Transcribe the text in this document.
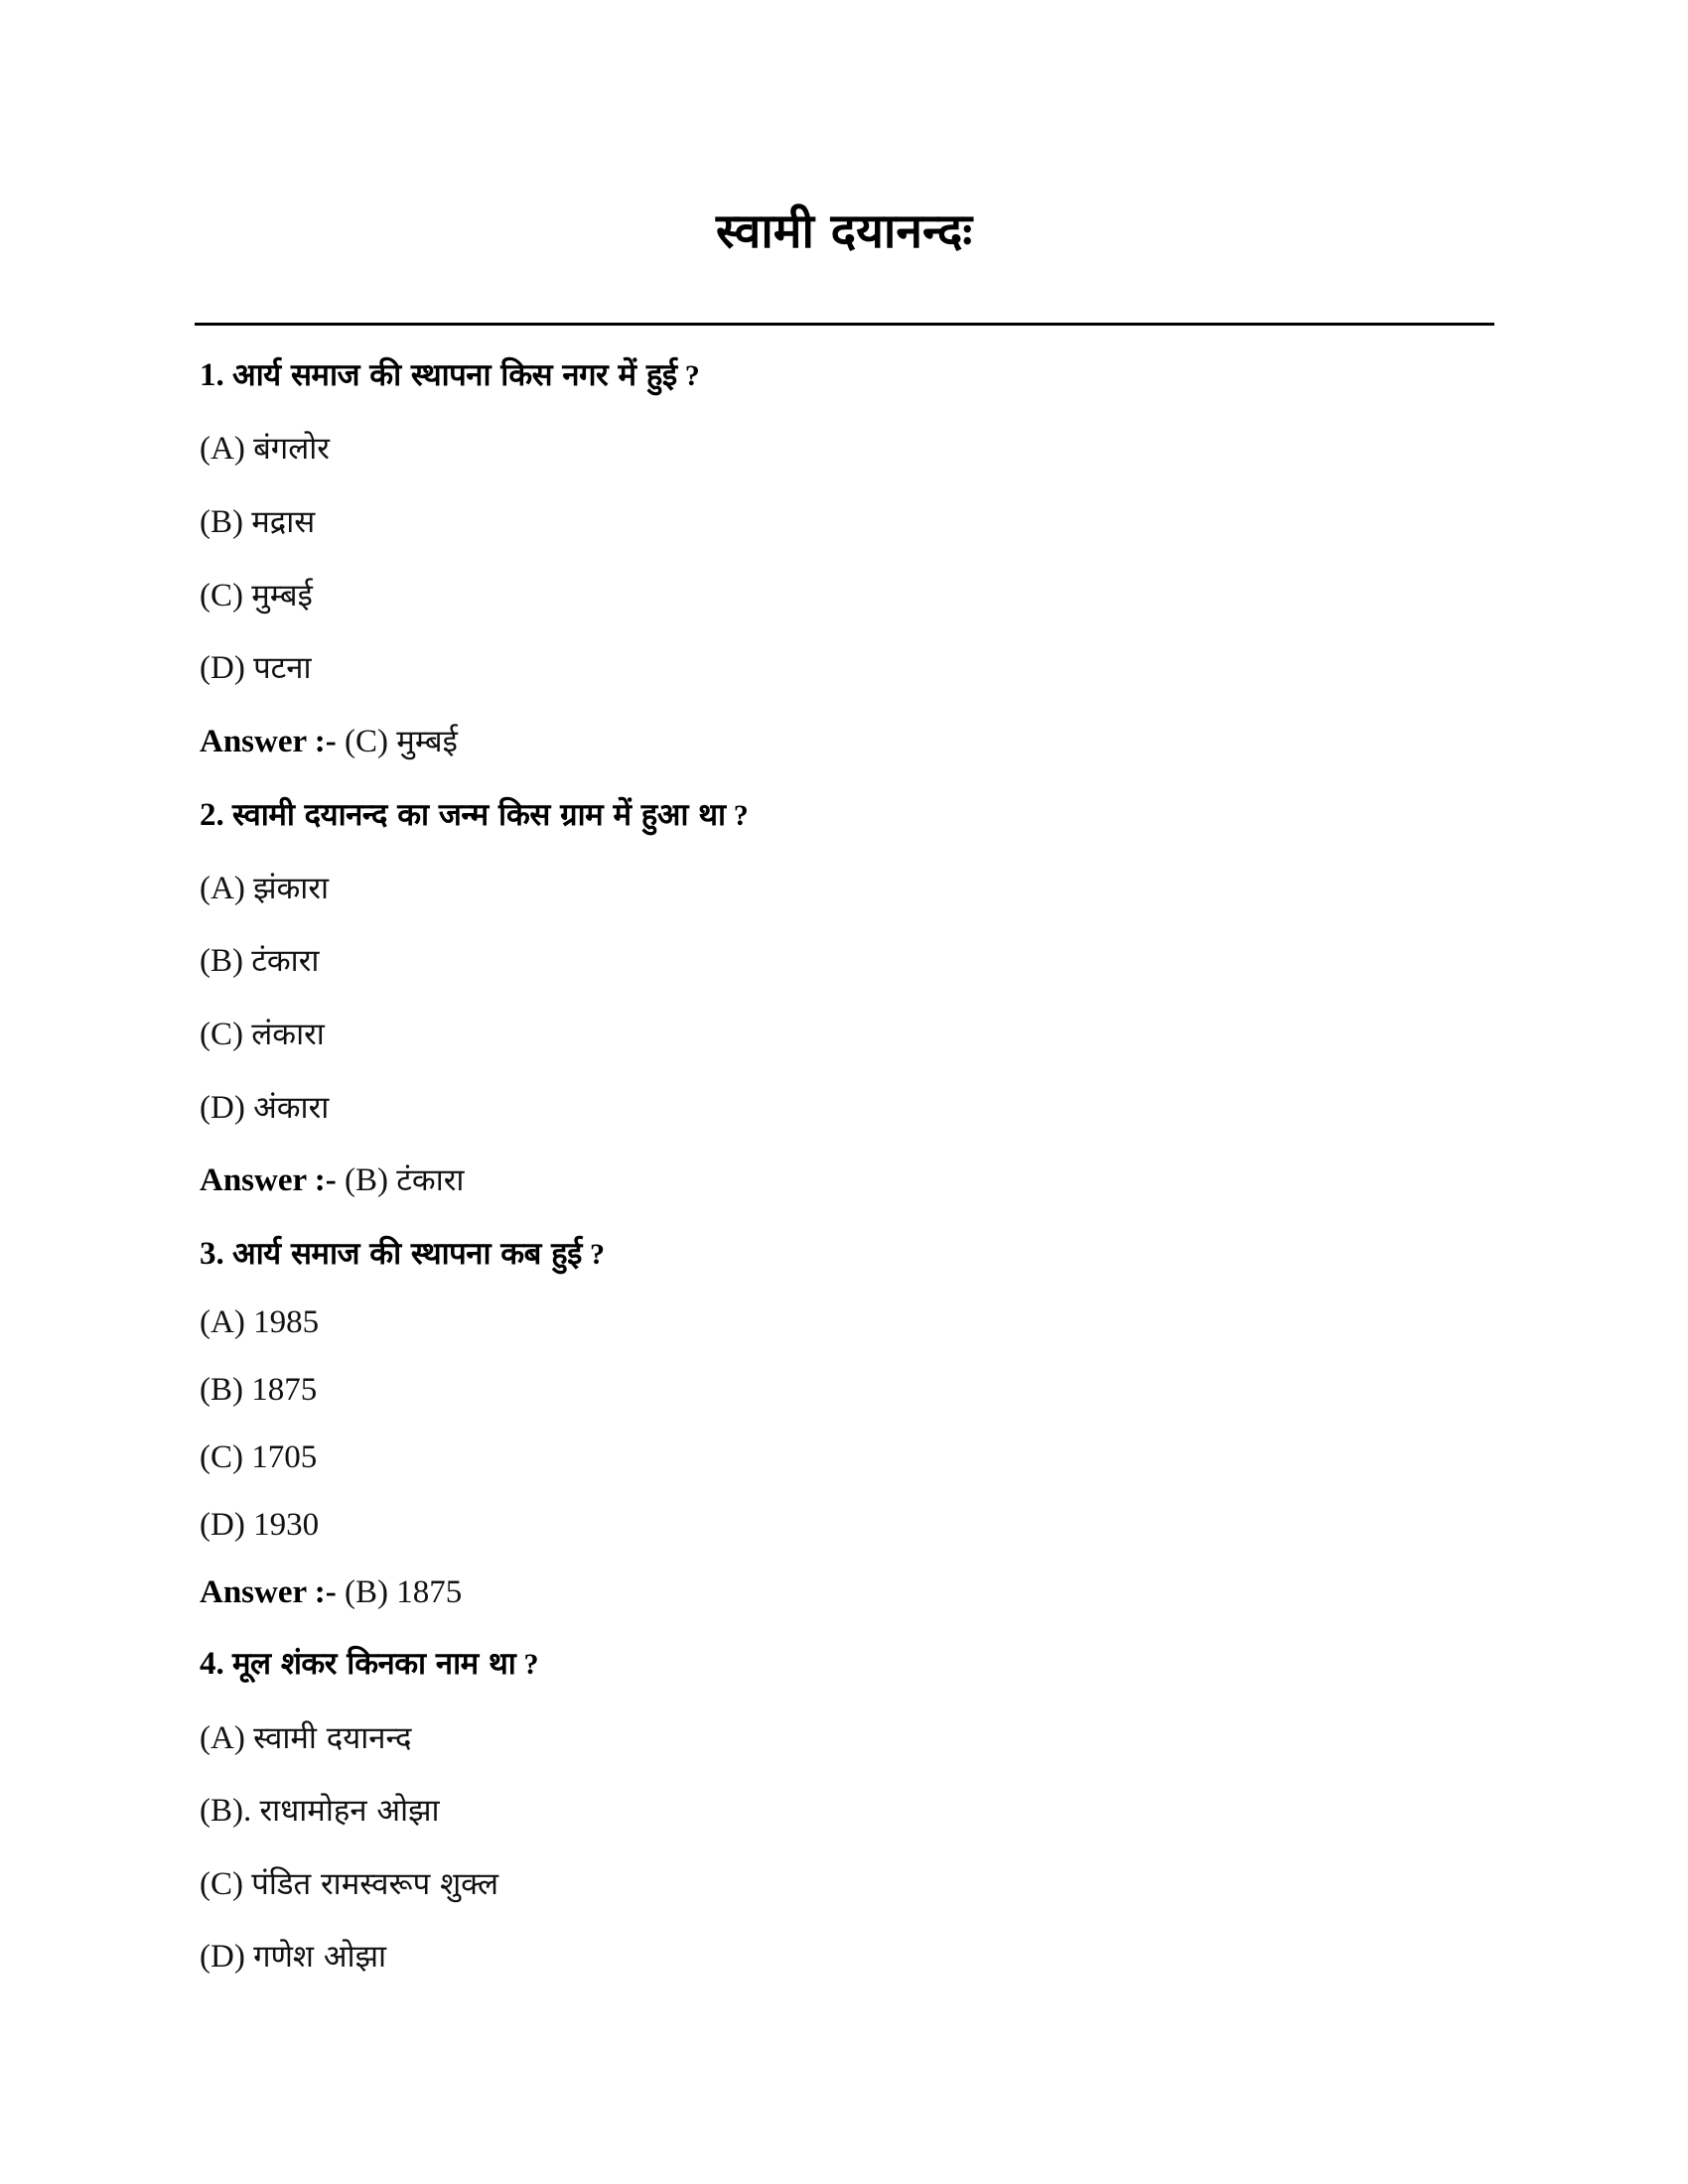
स्वामी दयानन्दः
1. आर्य समाज की स्थापना किस नगर में हुई ?
(A) बंगलोर
(B) मद्रास
(C) मुम्बई
(D) पटना
Answer :- (C) मुम्बई
2. स्वामी दयानन्द का जन्म किस ग्राम में हुआ था ?
(A) झंकारा
(B) टंकारा
(C) लंकारा
(D) अंकारा
Answer :- (B) टंकारा
3. आर्य समाज की स्थापना कब हुई ?
(A) 1985
(B) 1875
(C) 1705
(D) 1930
Answer :- (B) 1875
4. मूल शंकर किनका नाम था ?
(A) स्वामी दयानन्द
(B). राधामोहन ओझा
(C) पंडित रामस्वरूप शुक्ल
(D) गणेश ओझा
